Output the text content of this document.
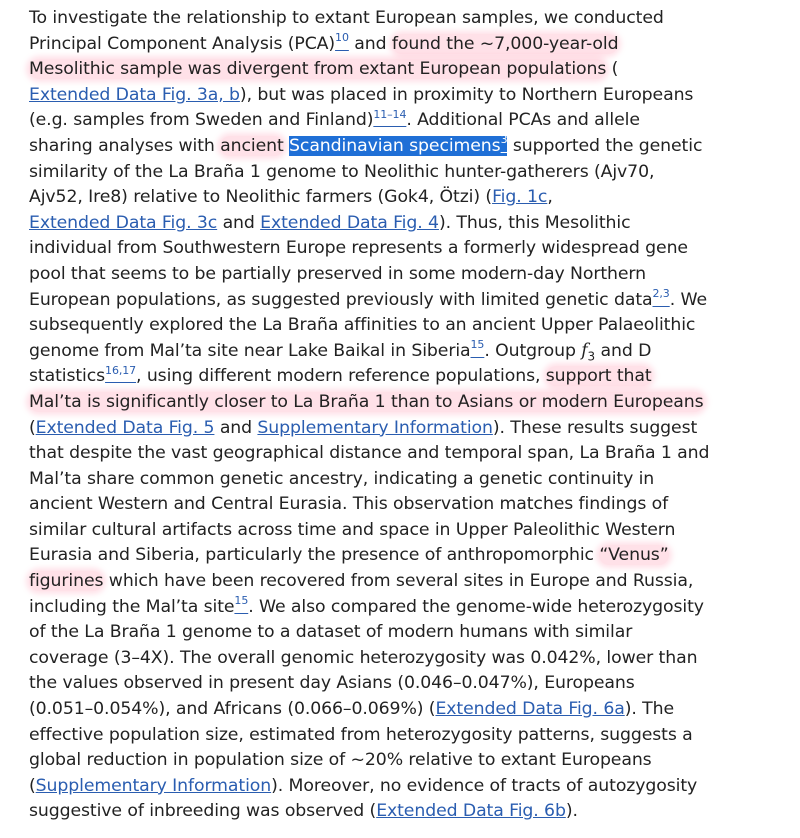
To investigate the relationship to extant European samples, we conducted
Principal Component Analysis (PCA)$^{10}$ and found the ~7,000-year-old
Mesolithic sample was divergent from extant European populations (
Extended Data Fig. 3a, b), but was placed in proximity to Northern Europeans
(e.g. samples from Sweden and Finland)$^{11-14}$. Additional PCAs and allele
sharing analyses with ancient Scandinavian specimens$^3$ supported the genetic
similarity of the La Braña 1 genome to Neolithic hunter-gatherers (Ajv70,
Ajv52, Ire8) relative to Neolithic farmers (Gok4, Ötzi) (Fig. 1c,
Extended Data Fig. 3c and Extended Data Fig. 4). Thus, this Mesolithic
individual from Southwestern Europe represents a formerly widespread gene
pool that seems to be partially preserved in some modern-day Northern
European populations, as suggested previously with limited genetic data$^{2,3}$. We
subsequently explored the La Braña affinities to an ancient Upper Palaeolithic
genome from Mal’ta site near Lake Baikal in Siberia$^{15}$. Outgroup $f_3$ and D
statistics$^{16,17}$, using different modern reference populations, support that
Mal’ta is significantly closer to La Braña 1 than to Asians or modern Europeans
(Extended Data Fig. 5 and Supplementary Information). These results suggest
that despite the vast geographical distance and temporal span, La Braña 1 and
Mal’ta share common genetic ancestry, indicating a genetic continuity in
ancient Western and Central Eurasia. This observation matches findings of
similar cultural artifacts across time and space in Upper Paleolithic Western
Eurasia and Siberia, particularly the presence of anthropomorphic “Venus”
figurines which have been recovered from several sites in Europe and Russia,
including the Mal’ta site$^{15}$. We also compared the genome-wide heterozygosity
of the La Braña 1 genome to a dataset of modern humans with similar
coverage (3–4X). The overall genomic heterozygosity was 0.042%, lower than
the values observed in present day Asians (0.046–0.047%), Europeans
(0.051–0.054%), and Africans (0.066–0.069%) (Extended Data Fig. 6a). The
effective population size, estimated from heterozygosity patterns, suggests a
global reduction in population size of ~20% relative to extant Europeans
(Supplementary Information). Moreover, no evidence of tracts of autozygosity
suggestive of inbreeding was observed (Extended Data Fig. 6b).
